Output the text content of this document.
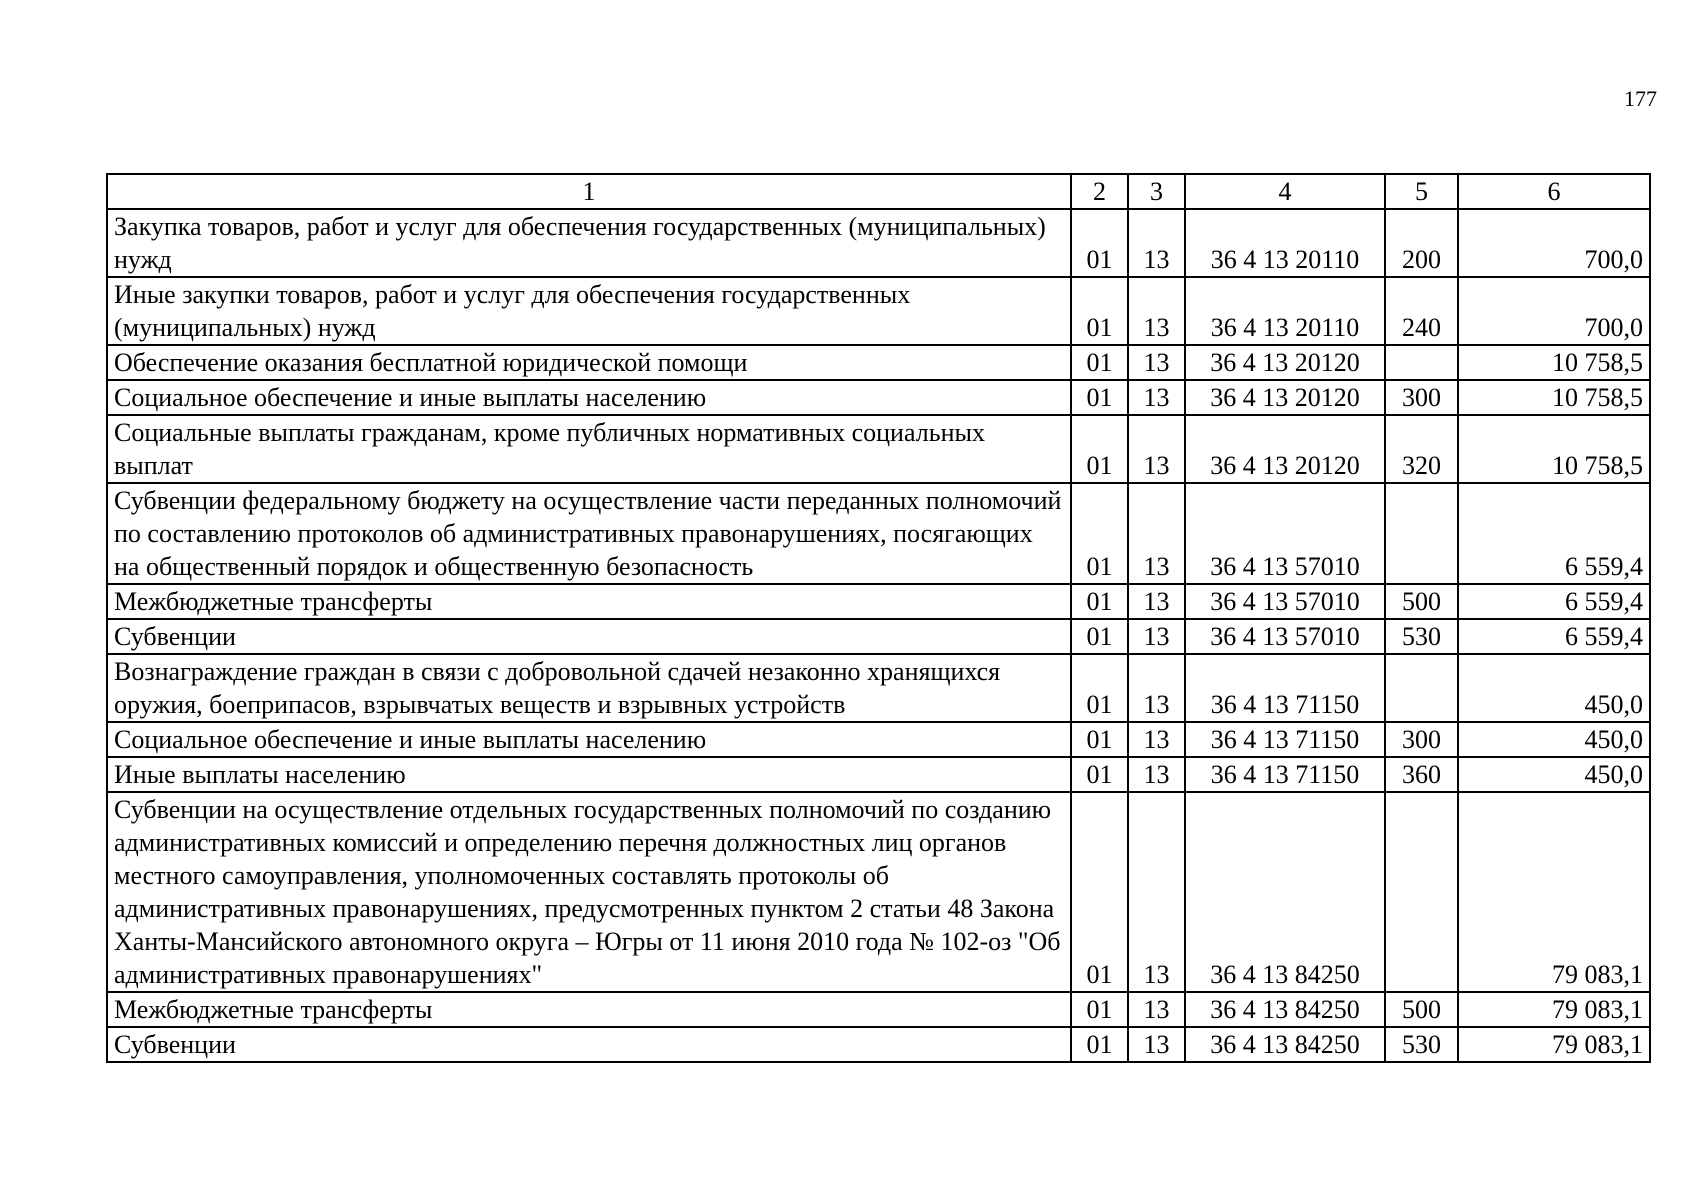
177
1	2	3	4	5	6
Закупка товаров, работ и услуг для обеспечения государственных (муниципальных) нужд	01	13	36 4 13 20110	200	700,0
Иные закупки товаров, работ и услуг для обеспечения государственных (муниципальных) нужд	01	13	36 4 13 20110	240	700,0
Обеспечение оказания бесплатной юридической помощи	01	13	36 4 13 20120		10 758,5
Социальное обеспечение и иные выплаты населению	01	13	36 4 13 20120	300	10 758,5
Социальные выплаты гражданам, кроме публичных нормативных социальных выплат	01	13	36 4 13 20120	320	10 758,5
Субвенции федеральному бюджету на осуществление части переданных полномочий по составлению протоколов об административных правонарушениях, посягающих на общественный порядок и общественную безопасность	01	13	36 4 13 57010		6 559,4
Межбюджетные трансферты	01	13	36 4 13 57010	500	6 559,4
Субвенции	01	13	36 4 13 57010	530	6 559,4
Вознаграждение граждан в связи с добровольной сдачей незаконно хранящихся оружия, боеприпасов, взрывчатых веществ и взрывных устройств	01	13	36 4 13 71150		450,0
Социальное обеспечение и иные выплаты населению	01	13	36 4 13 71150	300	450,0
Иные выплаты населению	01	13	36 4 13 71150	360	450,0
Субвенции на осуществление отдельных государственных полномочий по созданию административных комиссий и определению перечня должностных лиц органов местного самоуправления, уполномоченных составлять протоколы об административных правонарушениях, предусмотренных пунктом 2 статьи 48 Закона Ханты-Мансийского автономного округа – Югры от 11 июня 2010 года № 102-оз "Об административных правонарушениях"	01	13	36 4 13 84250		79 083,1
Межбюджетные трансферты	01	13	36 4 13 84250	500	79 083,1
Субвенции	01	13	36 4 13 84250	530	79 083,1
